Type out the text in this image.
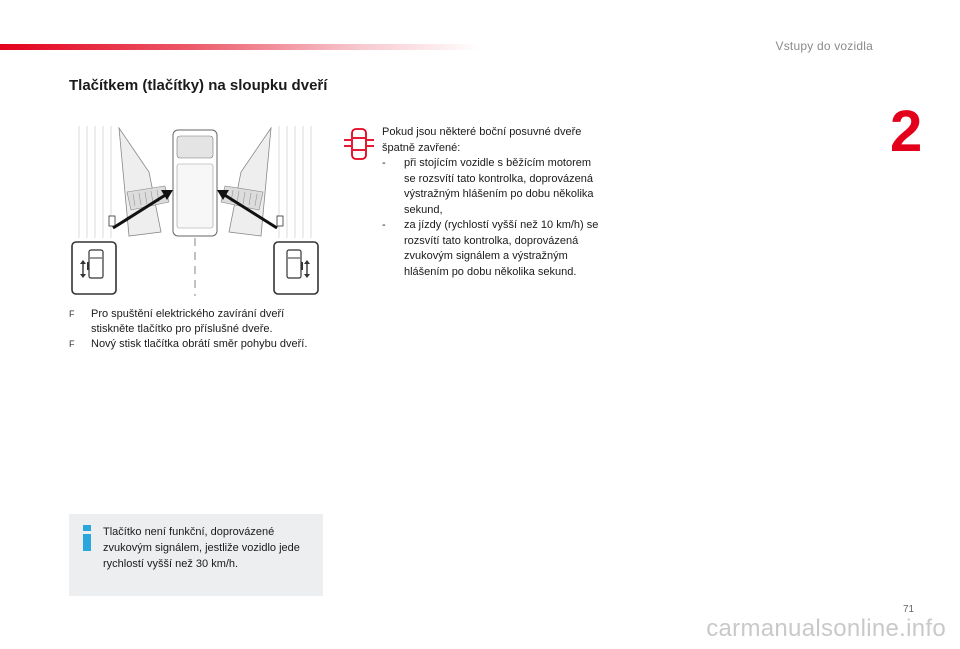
Vstupy do vozidla
2
Tlačítkem (tlačítky) na sloupku dveří
F Pro spuštění elektrického zavírání dveří stiskněte tlačítko pro příslušné dveře.
F Nový stisk tlačítka obrátí směr pohybu dveří.
Tlačítko není funkční, doprovázené zvukovým signálem, jestliže vozidlo jede rychlostí vyšší než 30 km/h.
Pokud jsou některé boční posuvné dveře špatně zavřené:
- při stojícím vozidle s běžícím motorem se rozsvítí tato kontrolka, doprovázená výstražným hlášením po dobu několika sekund,
- za jízdy (rychlostí vyšší než 10 km/h) se rozsvítí tato kontrolka, doprovázená zvukovým signálem a výstražným hlášením po dobu několika sekund.
71
carmanualsonline.info
